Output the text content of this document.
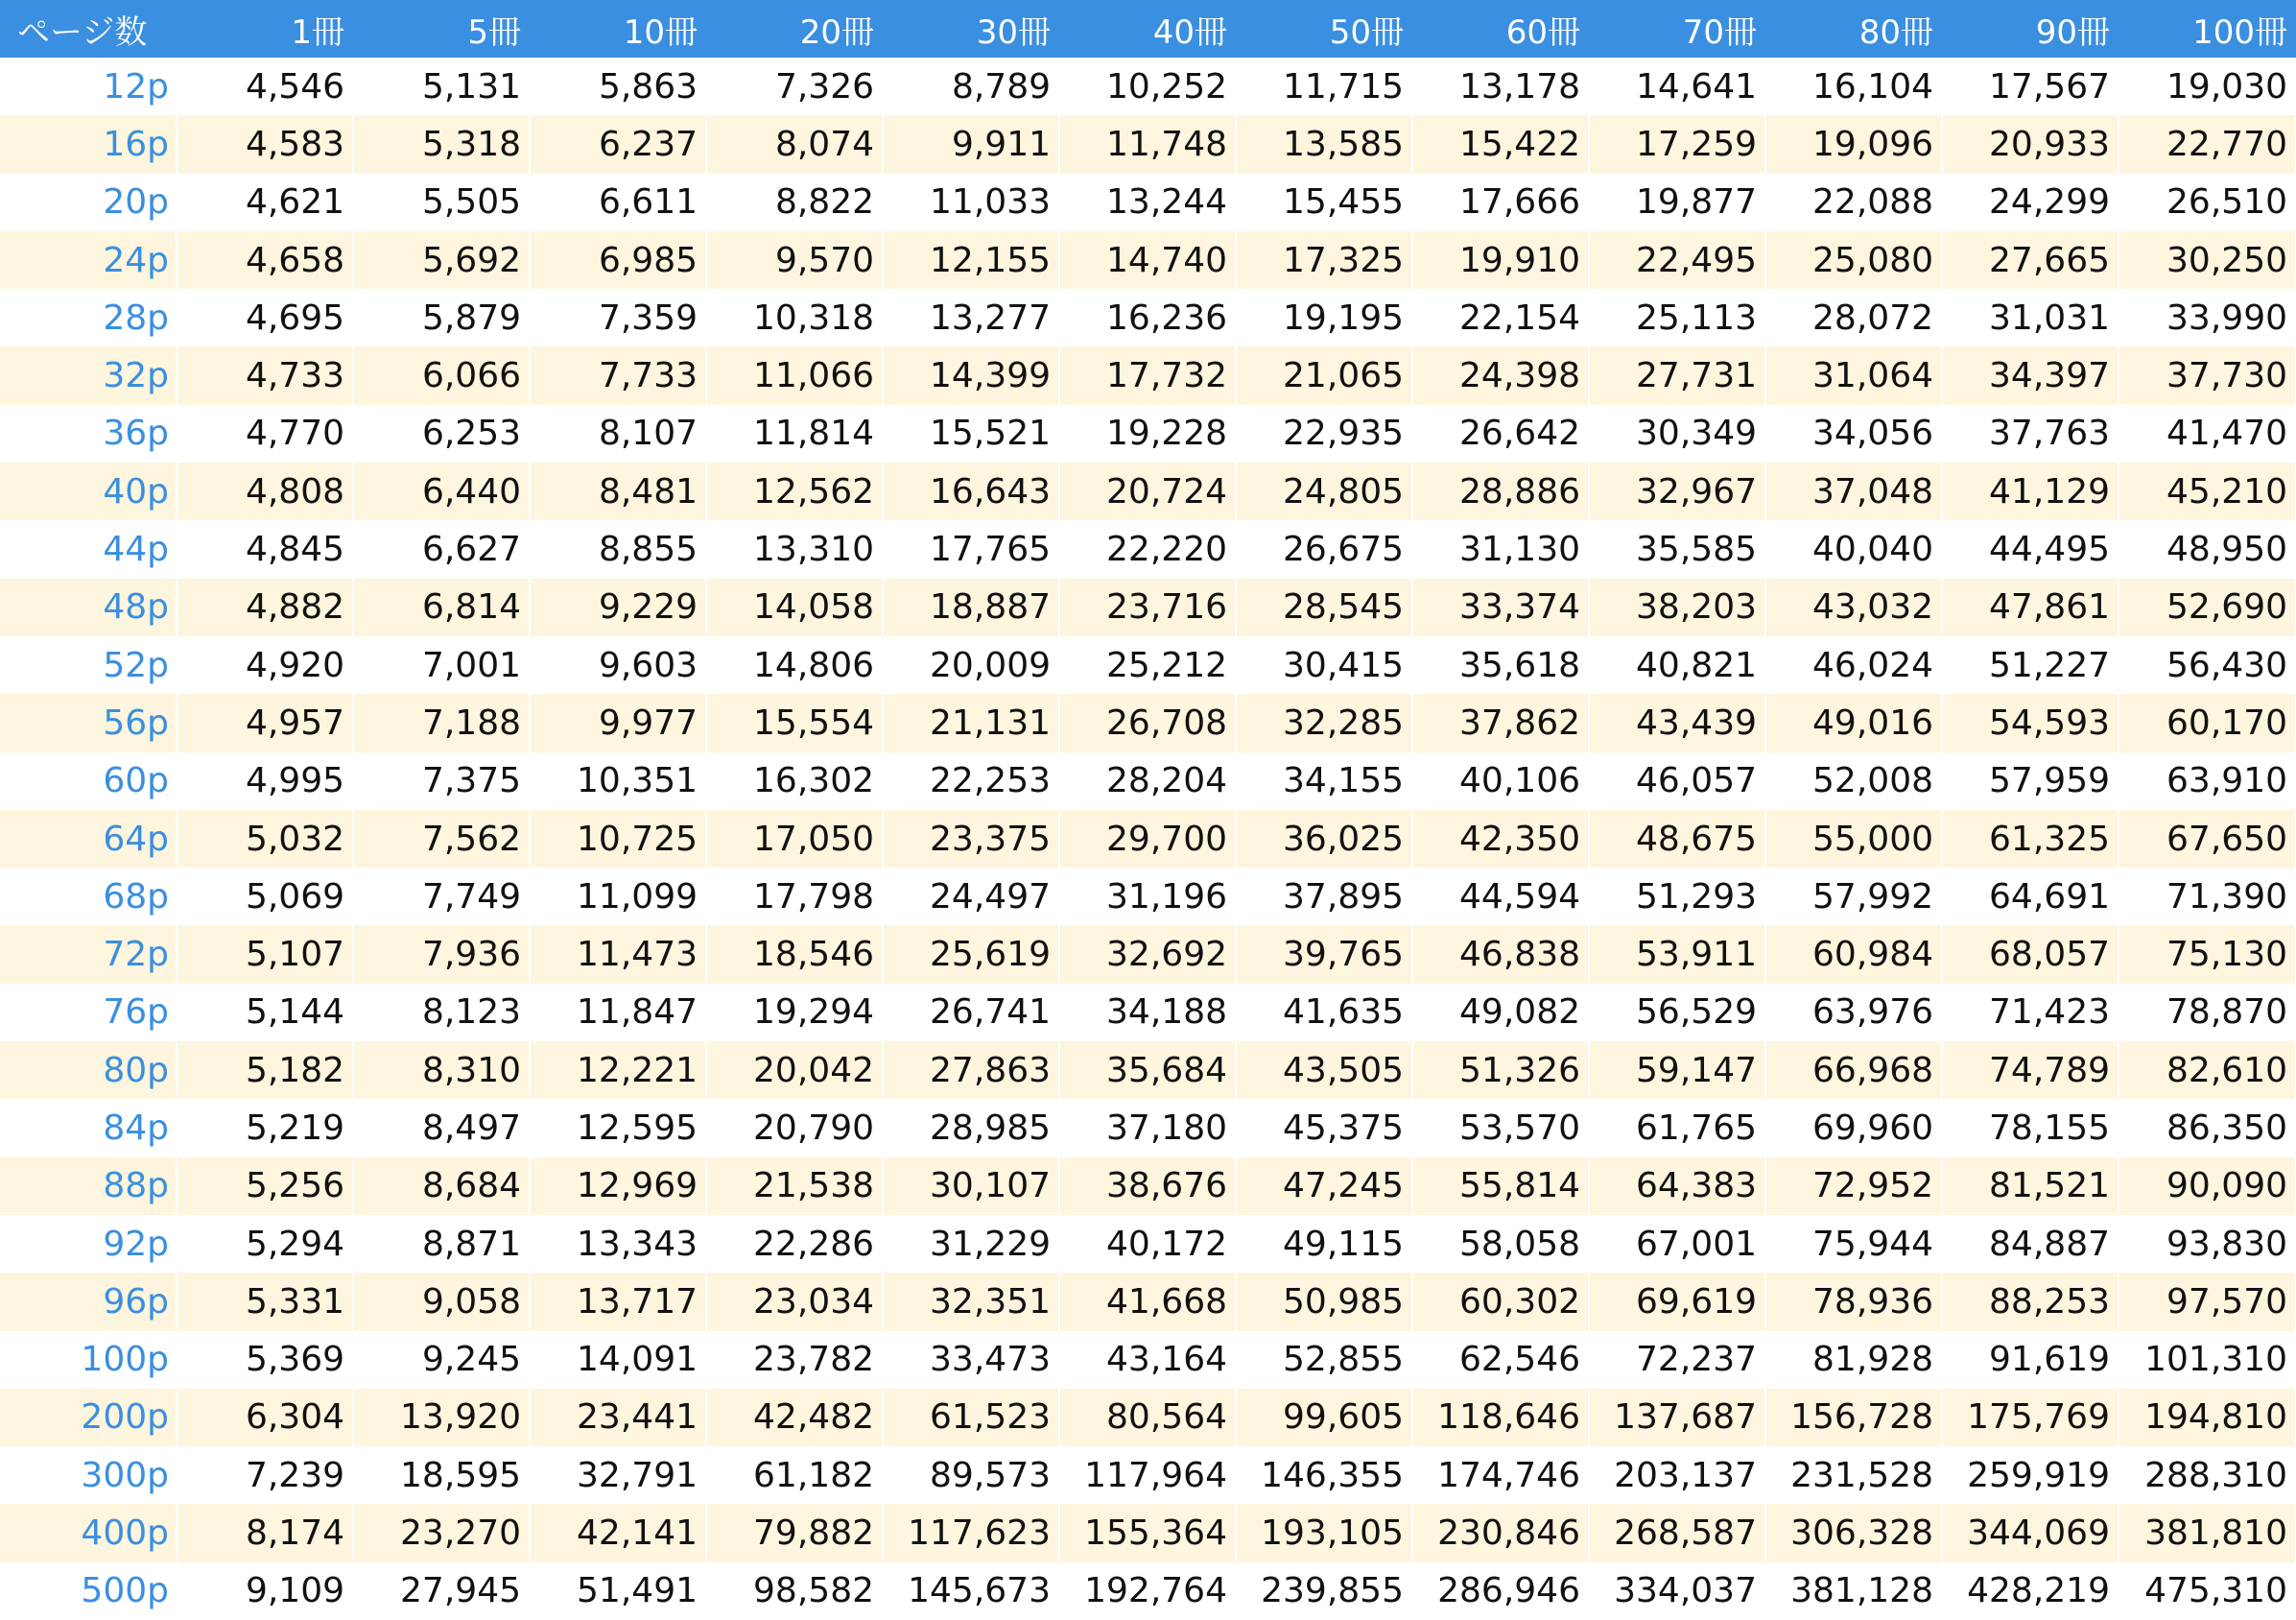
ページ数	1冊	5冊	10冊	20冊	30冊	40冊	50冊	60冊	70冊	80冊	90冊	100冊
12p	4,546	5,131	5,863	7,326	8,789	10,252	11,715	13,178	14,641	16,104	17,567	19,030
16p	4,583	5,318	6,237	8,074	9,911	11,748	13,585	15,422	17,259	19,096	20,933	22,770
20p	4,621	5,505	6,611	8,822	11,033	13,244	15,455	17,666	19,877	22,088	24,299	26,510
24p	4,658	5,692	6,985	9,570	12,155	14,740	17,325	19,910	22,495	25,080	27,665	30,250
28p	4,695	5,879	7,359	10,318	13,277	16,236	19,195	22,154	25,113	28,072	31,031	33,990
32p	4,733	6,066	7,733	11,066	14,399	17,732	21,065	24,398	27,731	31,064	34,397	37,730
36p	4,770	6,253	8,107	11,814	15,521	19,228	22,935	26,642	30,349	34,056	37,763	41,470
40p	4,808	6,440	8,481	12,562	16,643	20,724	24,805	28,886	32,967	37,048	41,129	45,210
44p	4,845	6,627	8,855	13,310	17,765	22,220	26,675	31,130	35,585	40,040	44,495	48,950
48p	4,882	6,814	9,229	14,058	18,887	23,716	28,545	33,374	38,203	43,032	47,861	52,690
52p	4,920	7,001	9,603	14,806	20,009	25,212	30,415	35,618	40,821	46,024	51,227	56,430
56p	4,957	7,188	9,977	15,554	21,131	26,708	32,285	37,862	43,439	49,016	54,593	60,170
60p	4,995	7,375	10,351	16,302	22,253	28,204	34,155	40,106	46,057	52,008	57,959	63,910
64p	5,032	7,562	10,725	17,050	23,375	29,700	36,025	42,350	48,675	55,000	61,325	67,650
68p	5,069	7,749	11,099	17,798	24,497	31,196	37,895	44,594	51,293	57,992	64,691	71,390
72p	5,107	7,936	11,473	18,546	25,619	32,692	39,765	46,838	53,911	60,984	68,057	75,130
76p	5,144	8,123	11,847	19,294	26,741	34,188	41,635	49,082	56,529	63,976	71,423	78,870
80p	5,182	8,310	12,221	20,042	27,863	35,684	43,505	51,326	59,147	66,968	74,789	82,610
84p	5,219	8,497	12,595	20,790	28,985	37,180	45,375	53,570	61,765	69,960	78,155	86,350
88p	5,256	8,684	12,969	21,538	30,107	38,676	47,245	55,814	64,383	72,952	81,521	90,090
92p	5,294	8,871	13,343	22,286	31,229	40,172	49,115	58,058	67,001	75,944	84,887	93,830
96p	5,331	9,058	13,717	23,034	32,351	41,668	50,985	60,302	69,619	78,936	88,253	97,570
100p	5,369	9,245	14,091	23,782	33,473	43,164	52,855	62,546	72,237	81,928	91,619	101,310
200p	6,304	13,920	23,441	42,482	61,523	80,564	99,605	118,646	137,687	156,728	175,769	194,810
300p	7,239	18,595	32,791	61,182	89,573	117,964	146,355	174,746	203,137	231,528	259,919	288,310
400p	8,174	23,270	42,141	79,882	117,623	155,364	193,105	230,846	268,587	306,328	344,069	381,810
500p	9,109	27,945	51,491	98,582	145,673	192,764	239,855	286,946	334,037	381,128	428,219	475,310
